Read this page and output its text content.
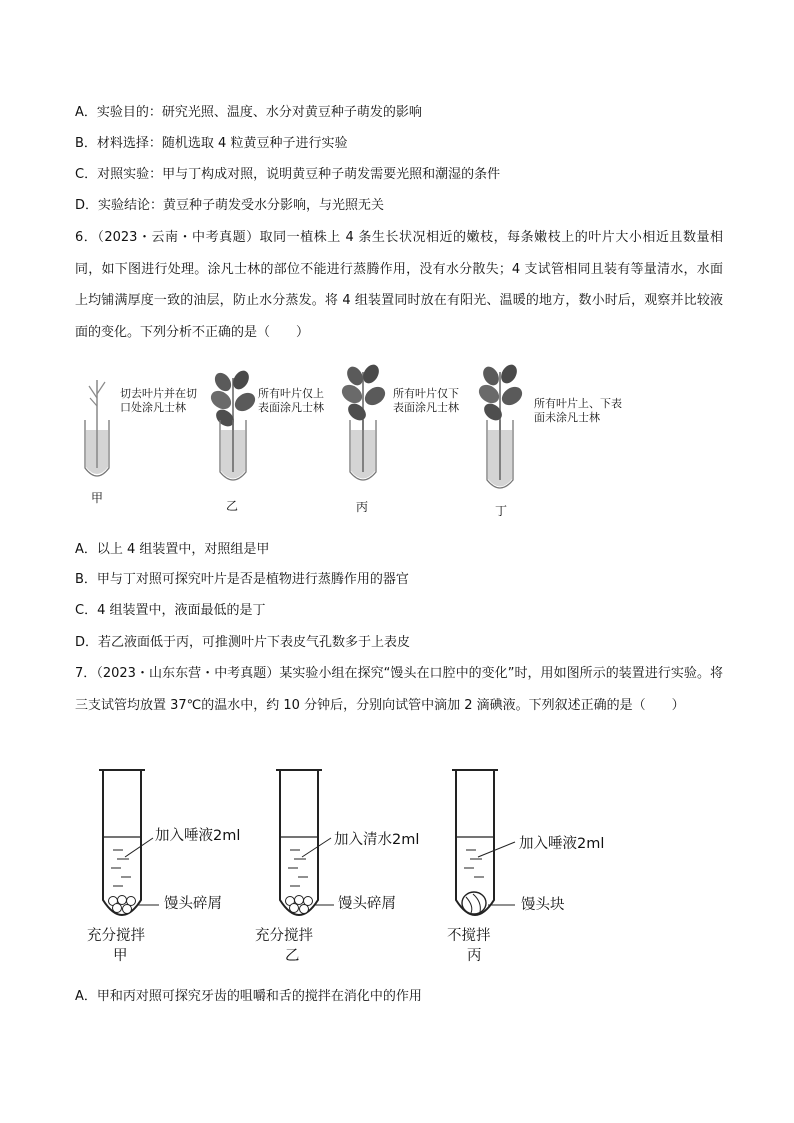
A．实验目的：研究光照、温度、水分对黄豆种子萌发的影响
B．材料选择：随机选取 4 粒黄豆种子进行实验
C．对照实验：甲与丁构成对照，说明黄豆种子萌发需要光照和潮湿的条件
D．实验结论：黄豆种子萌发受水分影响，与光照无关
6．（2023・云南・中考真题）取同一植株上 4 条生长状况相近的嫩枝，每条嫩枝上的叶片大小相近且数量相同，如下图进行处理。涂凡士林的部位不能进行蒸腾作用，没有水分散失；4 支试管相同且装有等量清水，水面上均铺满厚度一致的油层，防止水分蒸发。将 4 组装置同时放在有阳光、温暖的地方，数小时后，观察并比较液面的变化。下列分析不正确的是（　　）
切去叶片并在切口处涂凡士林
所有叶片仅上表面涂凡士林
所有叶片仅下表面涂凡士林	所有叶片上、下表面未涂凡士林
甲
乙	丙	丁
A．以上 4 组装置中，对照组是甲
B．甲与丁对照可探究叶片是否是植物进行蒸腾作用的器官
C．4 组装置中，液面最低的是丁
D．若乙液面低于丙，可推测叶片下表皮气孔数多于上表皮
7．（2023・山东东营・中考真题）某实验小组在探究“馒头在口腔中的变化”时，用如图所示的装置进行实验。将三支试管均放置 37℃的温水中，约 10 分钟后，分别向试管中滴加 2 滴碘液。下列叙述正确的是（　　）
加入唾液2ml
馒头碎屑
充分搅拌
甲
加入清水2ml
馒头碎屑
充分搅拌
乙
加入唾液2ml
馒头块
不搅拌
丙
A．甲和丙对照可探究牙齿的咀嚼和舌的搅拌在消化中的作用
